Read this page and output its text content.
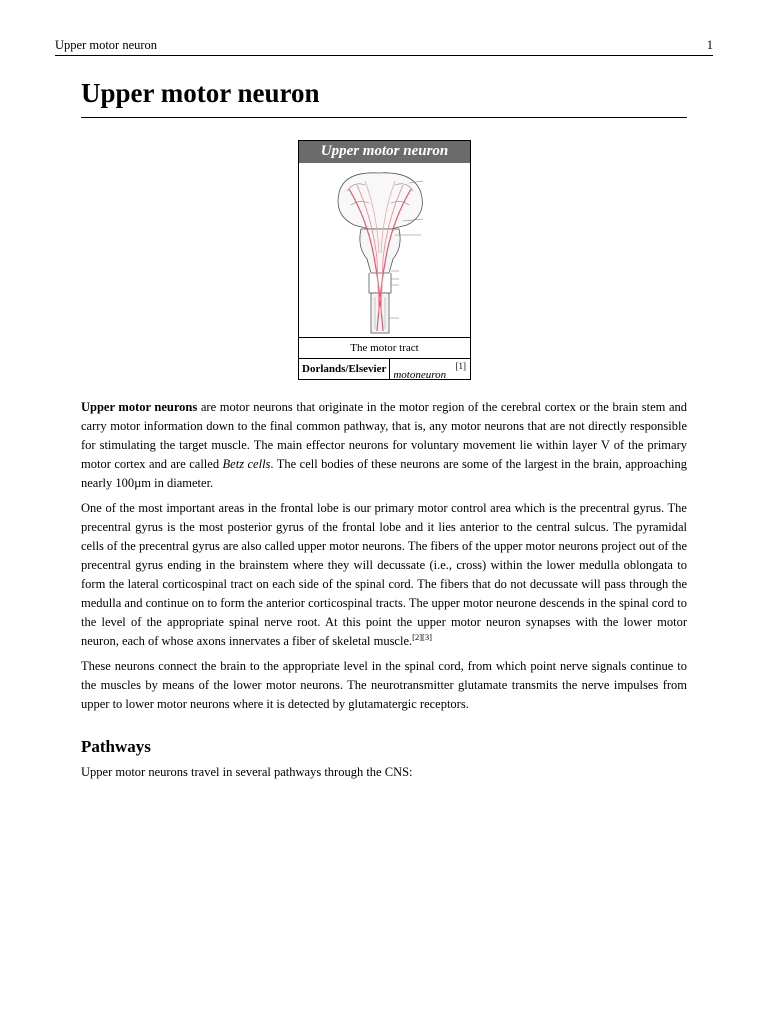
Upper motor neuron	1
Upper motor neuron
Upper motor neuron
The motor tract
Dorlands/Elsevier motoneuron
[1]

Upper motor neurons are motor neurons that originate in the motor region of the cerebral cortex or the brain stem and carry motor information down to the final common pathway, that is, any motor neurons that are not directly responsible for stimulating the target muscle. The main effector neurons for voluntary movement lie within layer V of the primary motor cortex and are called Betz cells. The cell bodies of these neurons are some of the largest in the brain, approaching nearly 100µm in diameter.

One of the most important areas in the frontal lobe is our primary motor control area which is the precentral gyrus. The precentral gyrus is the most posterior gyrus of the frontal lobe and it lies anterior to the central sulcus. The pyramidal cells of the precentral gyrus are also called upper motor neurons. The fibers of the upper motor neurons project out of the precentral gyrus ending in the brainstem where they will decussate (i.e., cross) within the lower medulla oblongata to form the lateral corticospinal tract on each side of the spinal cord. The fibers that do not decussate will pass through the medulla and continue on to form the anterior corticospinal tracts. The upper motor neurone descends in the spinal cord to the level of the appropriate spinal nerve root. At this point the upper motor neuron synapses with the lower motor neuron, each of whose axons innervates a fiber of skeletal muscle.[2][3]

These neurons connect the brain to the appropriate level in the spinal cord, from which point nerve signals continue to the muscles by means of the lower motor neurons. The neurotransmitter glutamate transmits the nerve impulses from upper to lower motor neurons where it is detected by glutamatergic receptors.

Pathways
Upper motor neurons travel in several pathways through the CNS:
